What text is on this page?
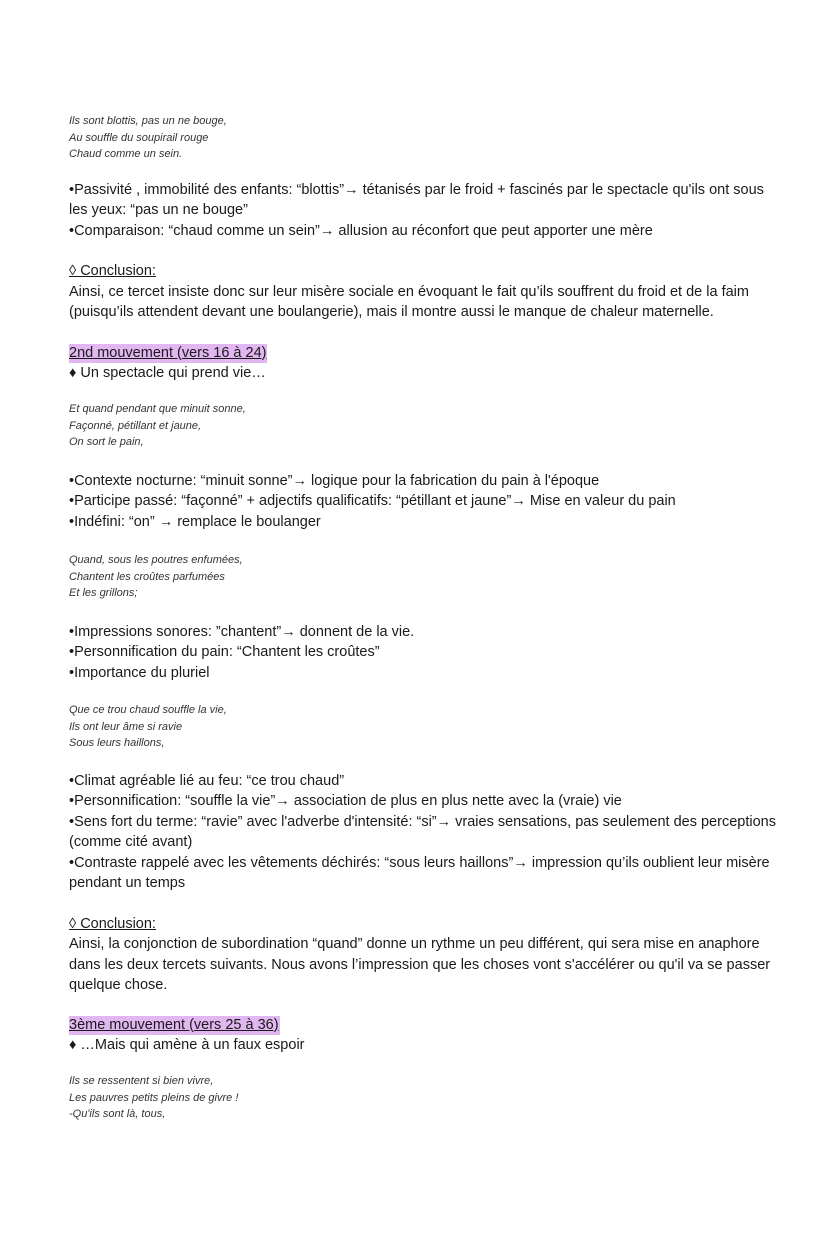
Ils sont blottis, pas un ne bouge,
Au souffle du soupirail rouge
Chaud comme un sein.
•Passivité , immobilité des enfants: “blottis”→ tétanisés par le froid + fascinés par le spectacle qu'ils ont sous les yeux: “pas un ne bouge”
•Comparaison: “chaud comme un sein”→ allusion au réconfort que peut apporter une mère
◊ Conclusion:
Ainsi, ce tercet insiste donc sur leur misère sociale en évoquant le fait qu’ils souffrent du froid et de la faim (puisqu’ils attendent devant une boulangerie), mais il montre aussi le manque de chaleur maternelle.
2nd mouvement (vers 16 à 24)
♦ Un spectacle qui prend vie…
Et quand pendant que minuit sonne,
Façonné, pétillant et jaune,
On sort le pain,
•Contexte nocturne: “minuit sonne”→ logique pour la fabrication du pain à l'époque
•Participe passé: “façonné” + adjectifs qualificatifs: “pétillant et jaune”→ Mise en valeur du pain
•Indéfini: “on” → remplace le boulanger
Quand, sous les poutres enfumées,
Chantent les croûtes parfumées
Et les grillons;
•Impressions sonores: ”chantent”→ donnent de la vie.
•Personnification du pain: “Chantent les croûtes”
•Importance du pluriel
Que ce trou chaud souffle la vie,
Ils ont leur âme si ravie
Sous leurs haillons,
•Climat agréable lié au feu: “ce trou chaud”
•Personnification: “souffle la vie”→ association de plus en plus nette avec la (vraie) vie
•Sens fort du terme: “ravie” avec l'adverbe d'intensité: “si”→ vraies sensations, pas seulement des perceptions (comme cité avant)
•Contraste rappelé avec les vêtements déchirés: “sous leurs haillons”→ impression qu’ils oublient leur misère pendant un temps
◊ Conclusion:
Ainsi, la conjonction de subordination “quand” donne un rythme un peu différent, qui sera mise en anaphore dans les deux tercets suivants. Nous avons l’impression que les choses vont s'accélérer ou qu'il va se passer quelque chose.
3ème mouvement (vers 25 à 36)
♦ …Mais qui amène à un faux espoir
Ils se ressentent si bien vivre,
Les pauvres petits pleins de givre !
-Qu'ils sont là, tous,
